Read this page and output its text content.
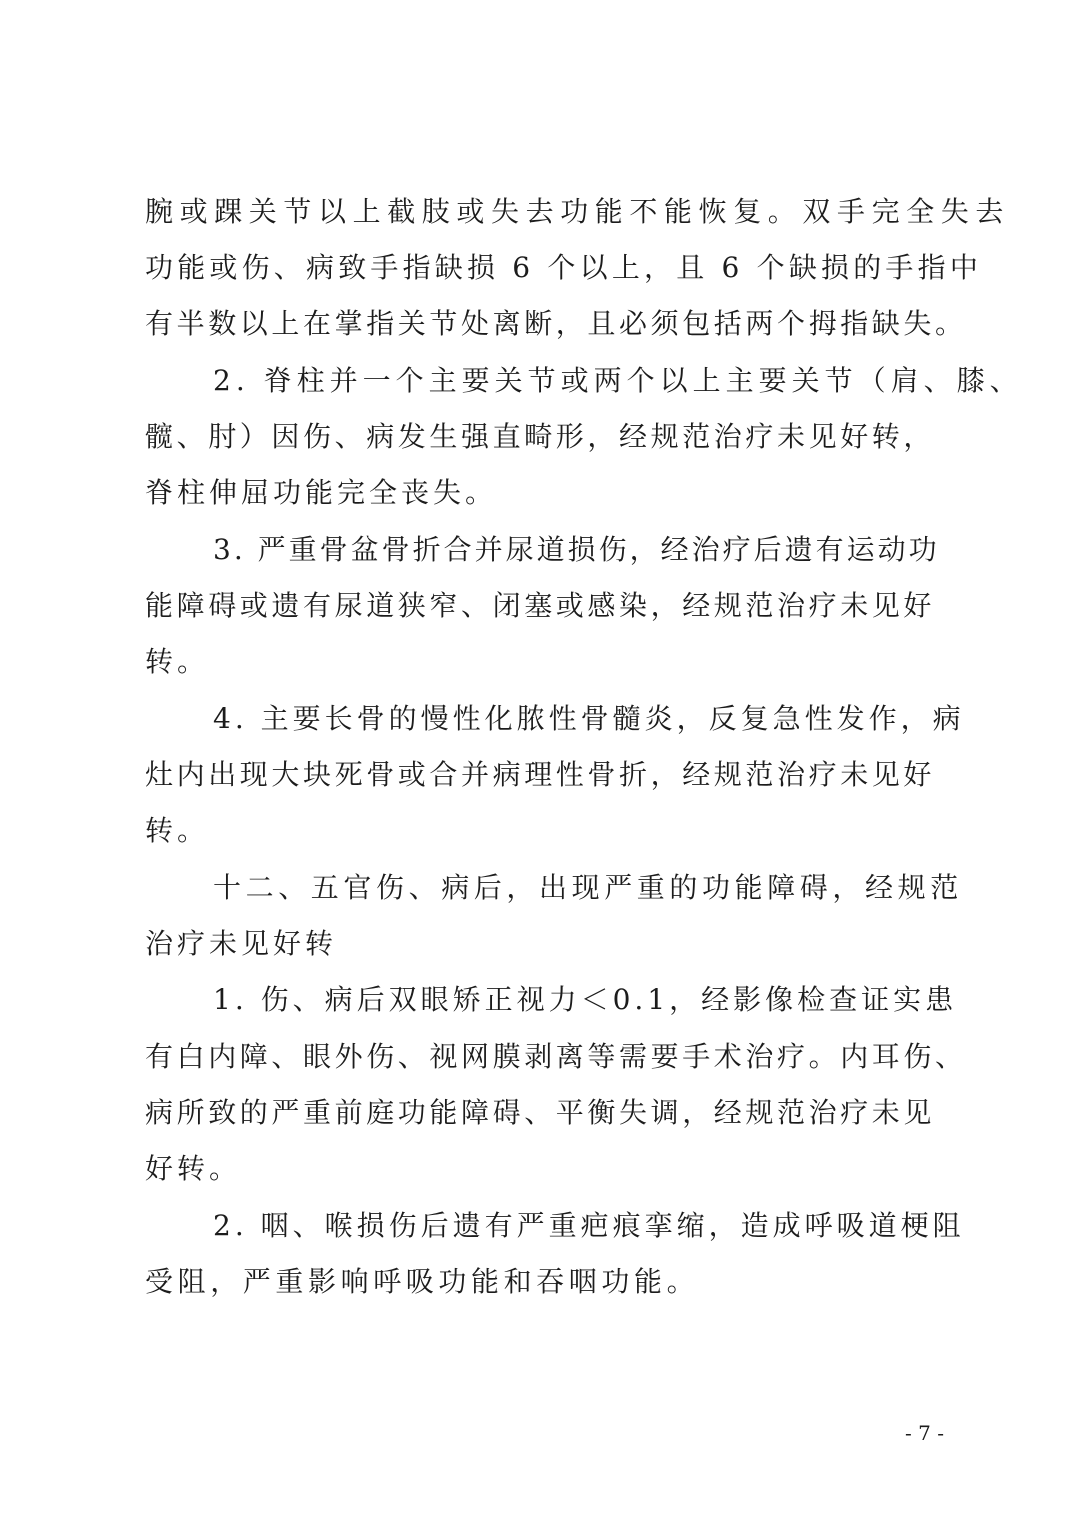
腕或踝关节以上截肢或失去功能不能恢复。双手完全失去
功能或伤、病致手指缺损 6 个以上，且 6 个缺损的手指中
有半数以上在掌指关节处离断，且必须包括两个拇指缺失。
2. 脊柱并一个主要关节或两个以上主要关节（肩、膝、
髋、肘）因伤、病发生强直畸形，经规范治疗未见好转，
脊柱伸屈功能完全丧失。
3. 严重骨盆骨折合并尿道损伤，经治疗后遗有运动功
能障碍或遗有尿道狭窄、闭塞或感染，经规范治疗未见好
转。
4. 主要长骨的慢性化脓性骨髓炎，反复急性发作，病
灶内出现大块死骨或合并病理性骨折，经规范治疗未见好
转。
十二、五官伤、病后，出现严重的功能障碍，经规范
治疗未见好转
1. 伤、病后双眼矫正视力＜0.1，经影像检查证实患
有白内障、眼外伤、视网膜剥离等需要手术治疗。内耳伤、
病所致的严重前庭功能障碍、平衡失调，经规范治疗未见
好转。
2. 咽、喉损伤后遗有严重疤痕挛缩，造成呼吸道梗阻
受阻，严重影响呼吸功能和吞咽功能。
- 7 -
